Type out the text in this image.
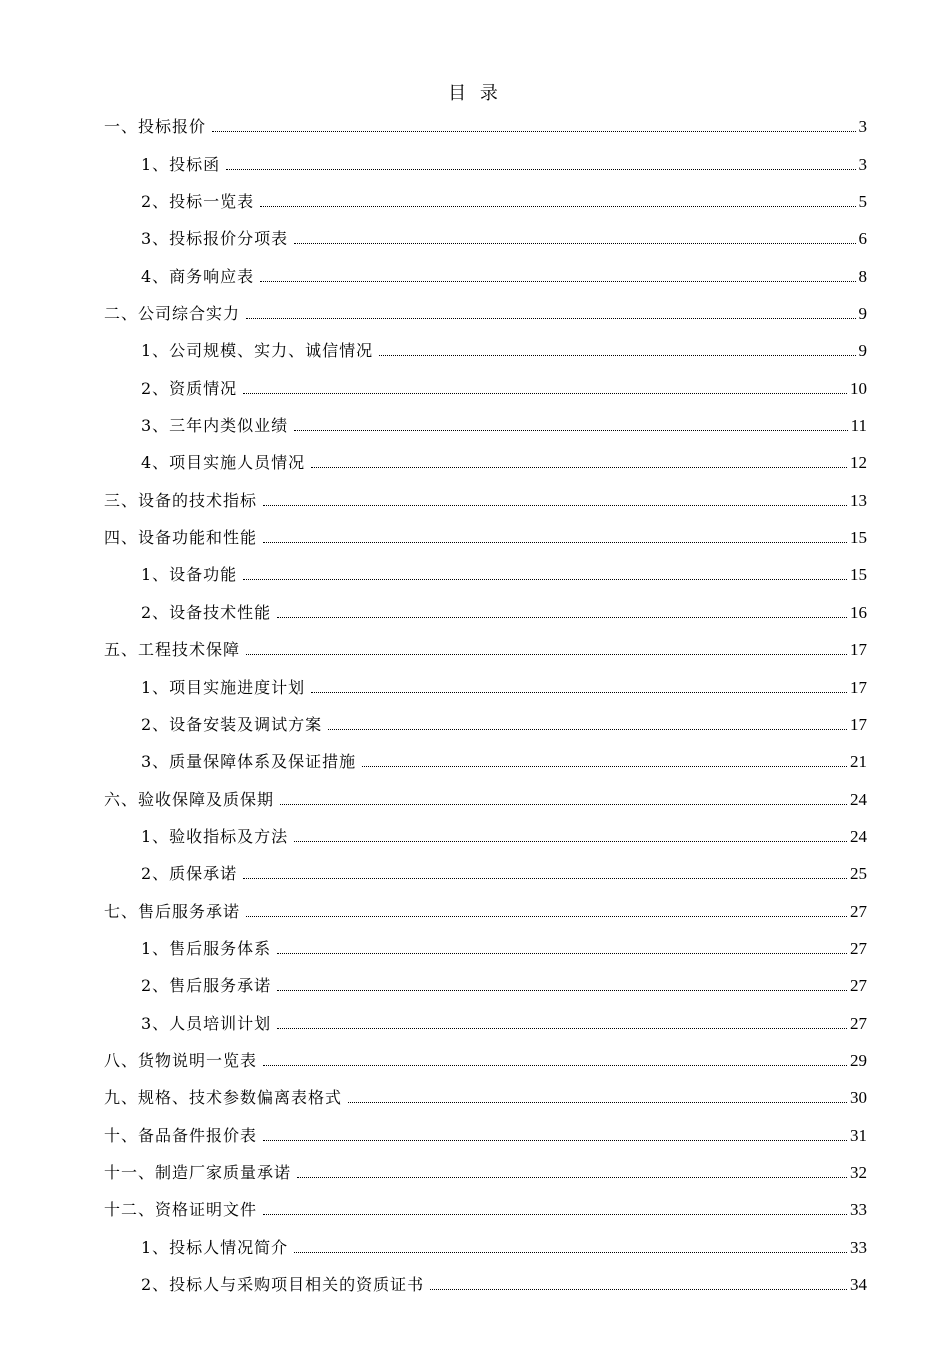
目 录
一、投标报价	3
1、投标函	3
2、投标一览表	5
3、投标报价分项表	6
4、商务响应表	8
二、公司综合实力	9
1、公司规模、实力、诚信情况	9
2、资质情况	10
3、三年内类似业绩	11
4、项目实施人员情况	12
三、设备的技术指标	13
四、设备功能和性能	15
1、设备功能	15
2、设备技术性能	16
五、工程技术保障	17
1、项目实施进度计划	17
2、设备安装及调试方案	17
3、质量保障体系及保证措施	21
六、验收保障及质保期	24
1、验收指标及方法	24
2、质保承诺	25
七、售后服务承诺	27
1、售后服务体系	27
2、售后服务承诺	27
3、人员培训计划	27
八、货物说明一览表	29
九、规格、技术参数偏离表格式	30
十、备品备件报价表	31
十一、制造厂家质量承诺	32
十二、资格证明文件	33
1、投标人情况简介	33
2、投标人与采购项目相关的资质证书	34
